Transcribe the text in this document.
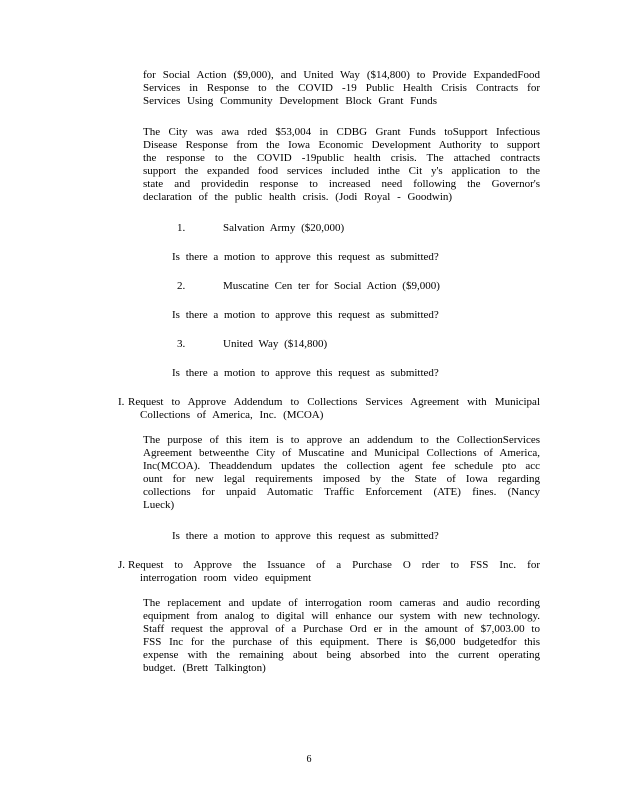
for Social Action ($9,000), and United Way ($14,800) to Provide ExpandedFood Services in Response to the COVID -19 Public Health Crisis Contracts for Services Using Community Development Block Grant Funds

The City was awa rded $53,004 in CDBG Grant Funds toSupport Infectious Disease Response from the Iowa Economic Development Authority to support the response to the COVID -19public health crisis. The attached contracts support the expanded food services included inthe Cit y's application to the state and providedin response to increased need following the Governor's declaration of the public health crisis. (Jodi Royal - Goodwin)

1.	Salvation Army ($20,000)

Is there a motion to approve this request as submitted?

2.	Muscatine Cen ter for Social Action ($9,000)

Is there a motion to approve this request as submitted?

3.	United Way ($14,800)

Is there a motion to approve this request as submitted?

I. Request to Approve Addendum to Collections Services Agreement with Municipal Collections of America, Inc. (MCOA)

The purpose of this item is to approve an addendum to the CollectionServices Agreement betweenthe City of Muscatine and Municipal Collections of America, Inc(MCOA). Theaddendum updates the collection agent fee schedule pto acc ount for new legal requirements imposed by the State of Iowa regarding collections for unpaid Automatic Traffic Enforcement (ATE) fines. (Nancy Lueck)

Is there a motion to approve this request as submitted?

J. Request to Approve the Issuance of a Purchase O rder to FSS Inc. for interrogation room video equipment

The replacement and update of interrogation room cameras and audio recording equipment from analog to digital will enhance our system with new technology. Staff request the approval of a Purchase Ord er in the amount of $7,003.00 to FSS Inc for the purchase of this equipment. There is $6,000 budgetedfor this expense with the remaining about being absorbed into the current operating budget. (Brett Talkington)

6
